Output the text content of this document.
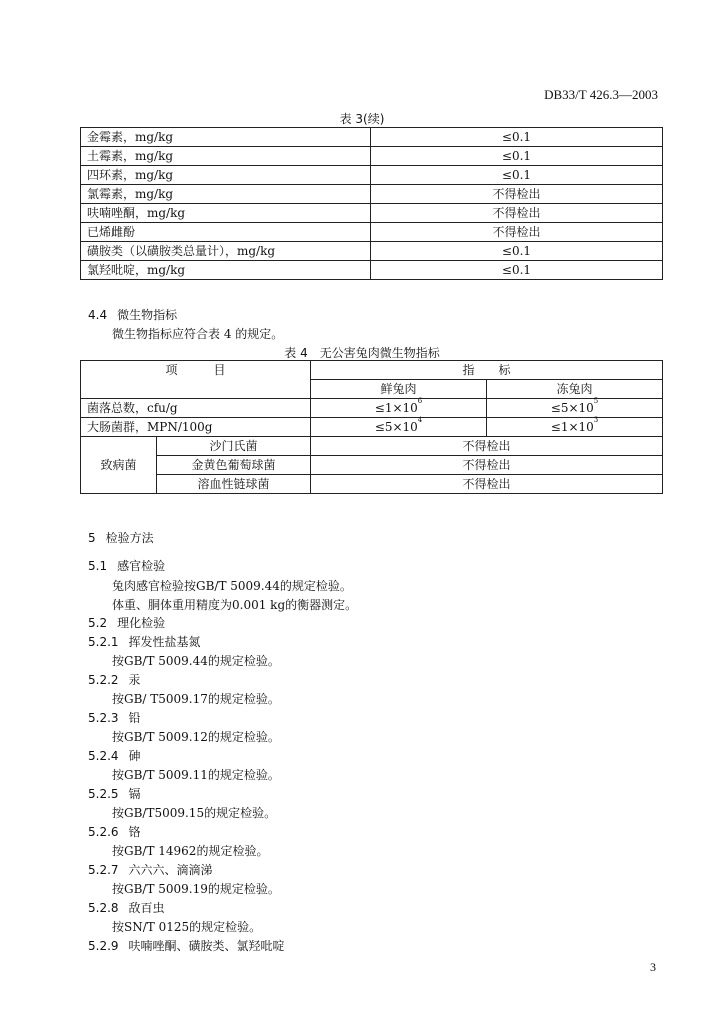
DB33/T 426.3—2003
表 3(续)
金霉素，mg/kg	≤0.1
土霉素，mg/kg	≤0.1
四环素，mg/kg	≤0.1
氯霉素，mg/kg	不得检出
呋喃唑酮，mg/kg	不得检出
已烯雌酚	不得检出
磺胺类（以磺胺类总量计），mg/kg	≤0.1
氯羟吡啶，mg/kg	≤0.1
4.4 微生物指标
微生物指标应符合表 4 的规定。
表 4　无公害兔肉微生物指标
项　　　目		指　　标	
		鲜兔肉	冻兔肉
菌落总数，cfu/g		$\le 1\times 10^6$	$\le 5\times 10^5$
大肠菌群，MPN/100g		$\le 5\times 10^4$	$\le 1\times 10^3$
致病菌	沙门氏菌	不得检出	
	金黄色葡萄球菌	不得检出	
	溶血性链球菌	不得检出	
5 检验方法
5.1 感官检验
兔肉感官检验按GB/T 5009.44的规定检验。
体重、胴体重用精度为0.001 kg的衡器测定。
5.2 理化检验
5.2.1 挥发性盐基氮
按GB/T 5009.44的规定检验。
5.2.2 汞
按GB/ T5009.17的规定检验。
5.2.3 铅
按GB/T 5009.12的规定检验。
5.2.4 砷
按GB/T 5009.11的规定检验。
5.2.5 镉
按GB/T5009.15的规定检验。
5.2.6 铬
按GB/T 14962的规定检验。
5.2.7 六六六、滴滴涕
按GB/T 5009.19的规定检验。
5.2.8 敌百虫
按SN/T 0125的规定检验。
5.2.9 呋喃唑酮、磺胺类、氯羟吡啶
3
